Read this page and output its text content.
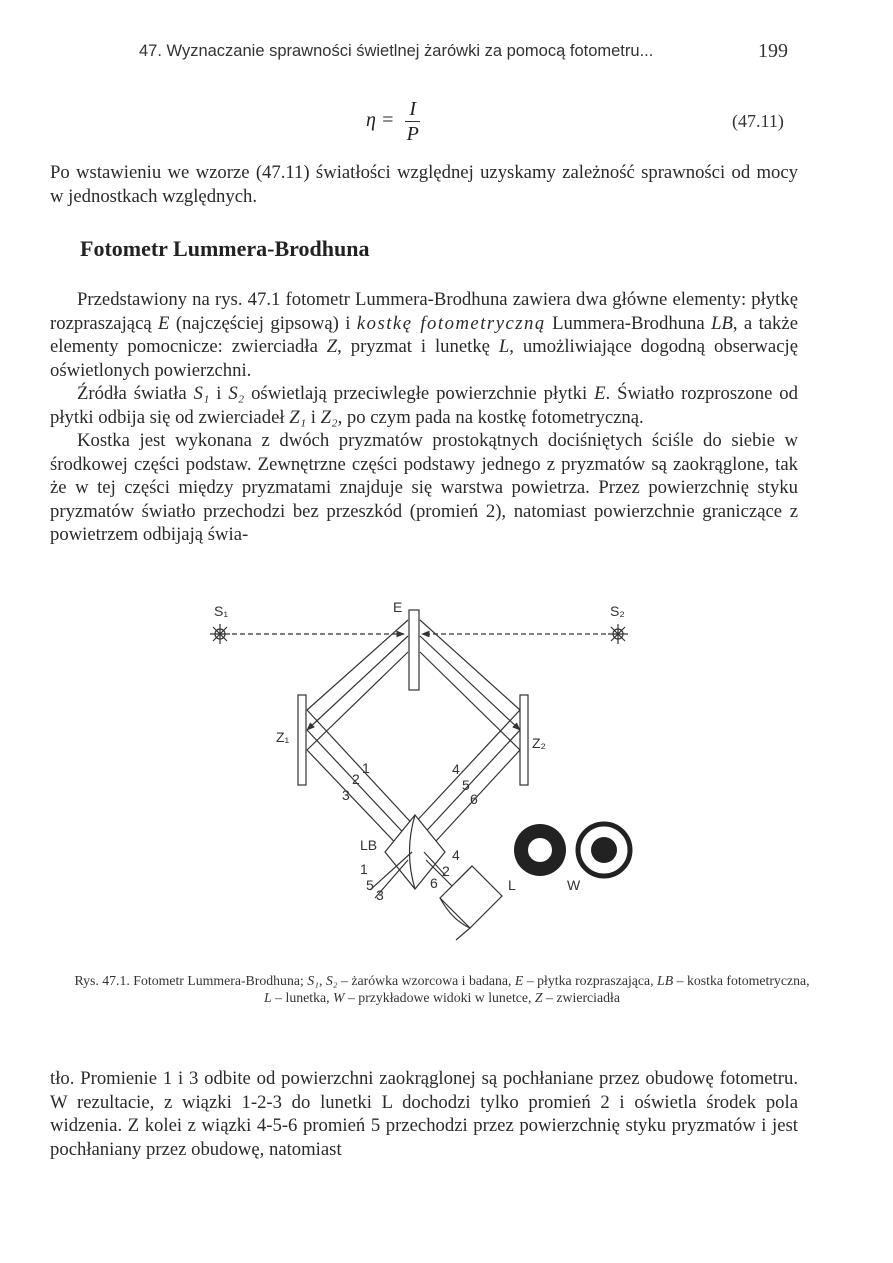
47. Wyznaczanie sprawności świetlnej żarówki za pomocą fotometru...	199
$\eta = \frac{I}{P}$	(47.11)

Po wstawieniu we wzorze (47.11) światłości względnej uzyskamy zależność sprawności od mocy w jednostkach względnych.

Fotometr Lummera-Brodhuna

Przedstawiony na rys. 47.1 fotometr Lummera-Brodhuna zawiera dwa główne elementy: płytkę rozpraszającą E (najczęściej gipsową) i kostkę fotometryczną Lummera-Brodhuna LB, a także elementy pomocnicze: zwierciadła Z, pryzmat i lunetkę L, umożliwiające dogodną obserwację oświetlonych powierzchni.

Źródła światła S₁ i S₂ oświetlają przeciwległe powierzchnie płytki E. Światło rozproszone od płytki odbija się od zwierciadeł Z₁ i Z₂, po czym pada na kostkę fotometryczną.

Kostka jest wykonana z dwóch pryzmatów prostokątnych dociśniętych ściśle do siebie w środkowej części podstaw. Zewnętrzne części podstawy jednego z pryzmatów są zaokrąglone, tak że w tej części między pryzmatami znajduje się warstwa powietrza. Przez powierzchnię styku pryzmatów światło przechodzi bez przeszkód (promień 2), natomiast powierzchnie graniczące z powietrzem odbijają świa-

S₁	S₂
E
Z₁	Z₂
LB
L	W
1
2
3
4
5
6
1
5
3
6
2
4
Rys. 47.1. Fotometr Lummera-Brodhuna; S₁, S₂ – żarówka wzorcowa i badana, E – płytka rozpraszająca, LB – kostka fotometryczna, L – lunetka, W – przykładowe widoki w lunetce, Z – zwierciadła

tło. Promienie 1 i 3 odbite od powierzchni zaokrąglonej są pochłaniane przez obudowę fotometru. W rezultacie, z wiązki 1-2-3 do lunetki L dochodzi tylko promień 2 i oświetla środek pola widzenia. Z kolei z wiązki 4-5-6 promień 5 przechodzi przez powierzchnię styku pryzmatów i jest pochłaniany przez obudowę, natomiast
